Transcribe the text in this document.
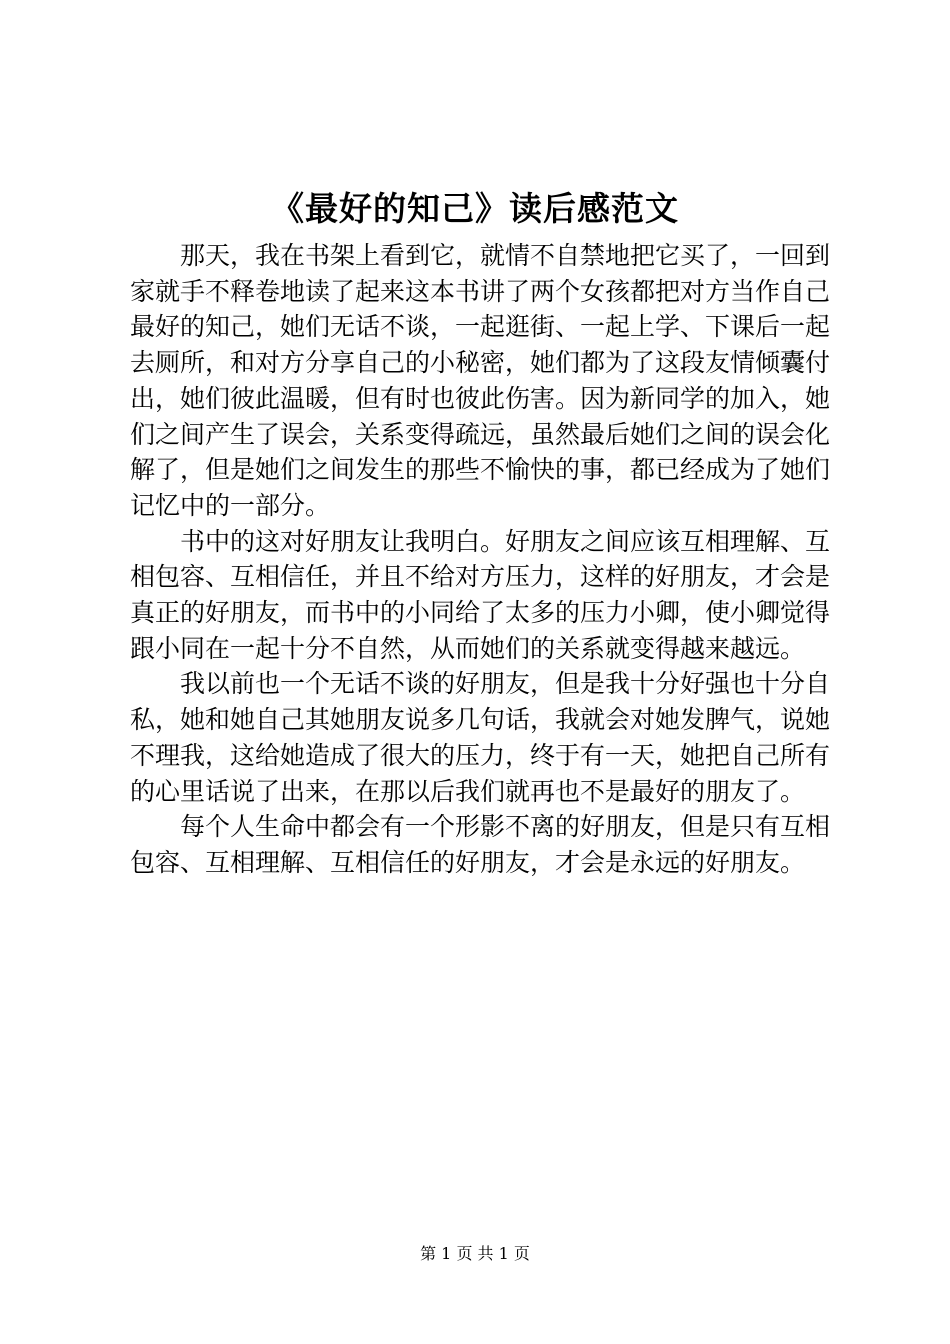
《最好的知己》读后感范文

那天，我在书架上看到它，就情不自禁地把它买了，一回到家就手不释卷地读了起来这本书讲了两个女孩都把对方当作自己最好的知己，她们无话不谈，一起逛街、一起上学、下课后一起去厕所，和对方分享自己的小秘密，她们都为了这段友情倾囊付出，她们彼此温暖，但有时也彼此伤害。因为新同学的加入，她们之间产生了误会，关系变得疏远，虽然最后她们之间的误会化解了，但是她们之间发生的那些不愉快的事，都已经成为了她们记忆中的一部分。

书中的这对好朋友让我明白。好朋友之间应该互相理解、互相包容、互相信任，并且不给对方压力，这样的好朋友，才会是真正的好朋友，而书中的小同给了太多的压力小卿，使小卿觉得跟小同在一起十分不自然，从而她们的关系就变得越来越远。

我以前也一个无话不谈的好朋友，但是我十分好强也十分自私，她和她自己其她朋友说多几句话，我就会对她发脾气，说她不理我，这给她造成了很大的压力，终于有一天，她把自己所有的心里话说了出来，在那以后我们就再也不是最好的朋友了。

每个人生命中都会有一个形影不离的好朋友，但是只有互相包容、互相理解、互相信任的好朋友，才会是永远的好朋友。

第 1 页 共 1 页
